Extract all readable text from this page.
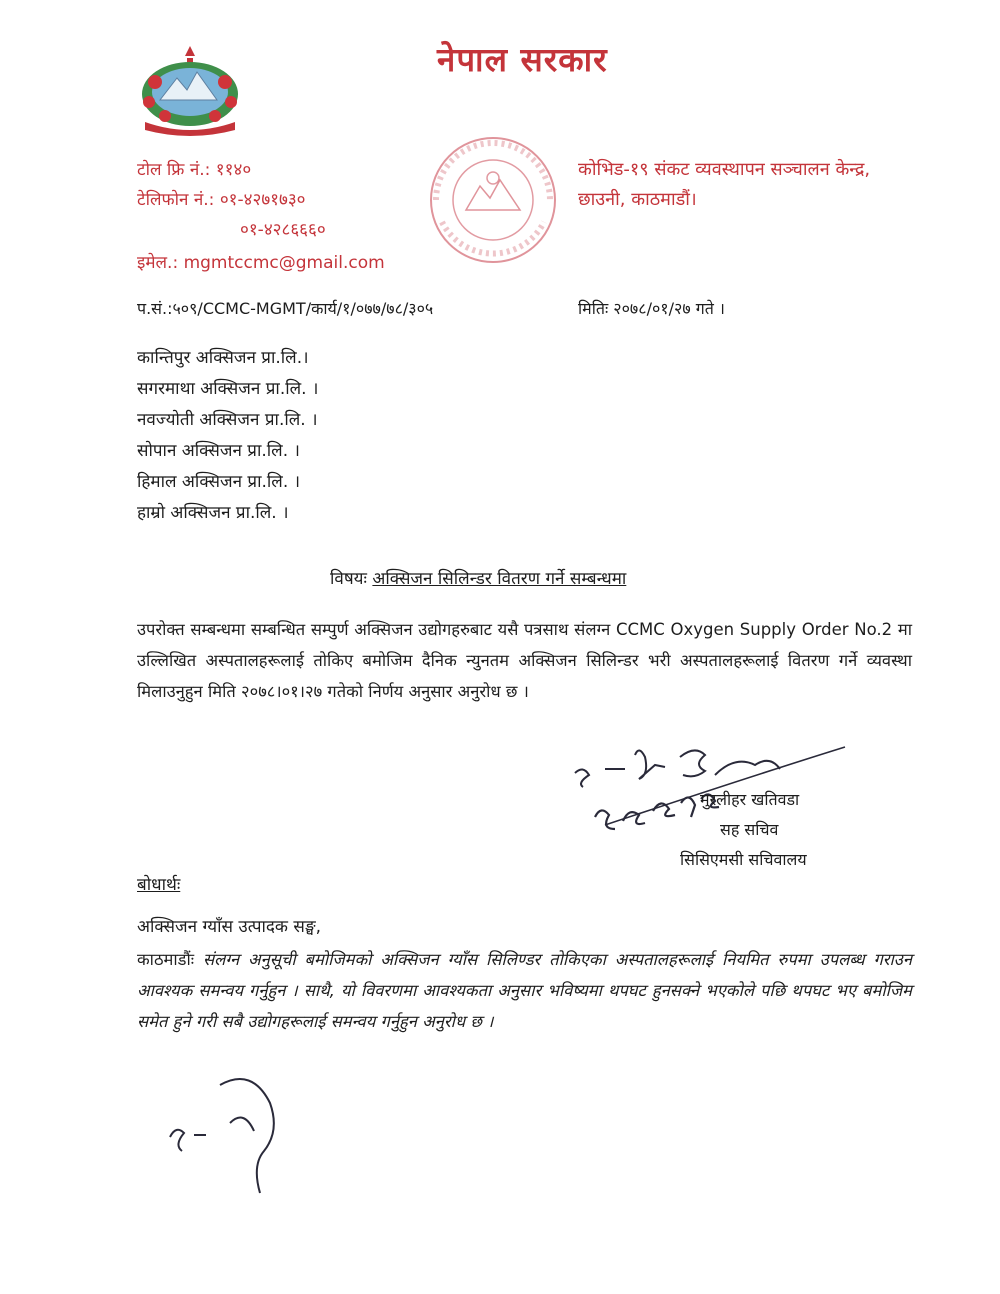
नेपाल सरकार
टोल फ्रि नं.: ११४०
टेलिफोन नं.: ०१-४२७१७३०
०१-४२८६६६०
इमेल.: mgmtccmc@gmail.com
कोभिड-१९ संकट व्यवस्थापन सञ्चालन केन्द्र,
छाउनी, काठमाडौं।
प.सं.:५०९/CCMC-MGMT/कार्य/१/०७७/७८/३०५	मितिः २०७८/०१/२७ गते ।
कान्तिपुर अक्सिजन प्रा.लि.।
सगरमाथा अक्सिजन प्रा.लि. ।
नवज्योती अक्सिजन प्रा.लि. ।
सोपान अक्सिजन प्रा.लि. ।
हिमाल अक्सिजन प्रा.लि. ।
हाम्रो अक्सिजन प्रा.लि. ।
विषयः अक्सिजन सिलिन्डर वितरण गर्ने सम्बन्धमा
उपरोक्त सम्बन्धमा सम्बन्धित सम्पुर्ण अक्सिजन उद्योगहरुबाट यसै पत्रसाथ संलग्न CCMC Oxygen Supply Order No.2 मा उल्लिखित अस्पतालहरूलाई तोकिए बमोजिम दैनिक न्युनतम अक्सिजन सिलिन्डर भरी अस्पतालहरूलाई वितरण गर्ने व्यवस्था मिलाउनुहुन मिति २०७८।०१।२७ गतेको निर्णय अनुसार अनुरोध छ ।
मुरलीहर खतिवडा
सह सचिव
सिसिएमसी सचिवालय
बोधार्थः
अक्सिजन ग्याँस उत्पादक सङ्घ,
काठमाडौंः संलग्न अनुसूची बमोजिमको अक्सिजन ग्याँस सिलिण्डर तोकिएका अस्पतालहरूलाई नियमित रुपमा उपलब्ध गराउन आवश्यक समन्वय गर्नुहुन । साथै, यो विवरणमा आवश्यकता अनुसार भविष्यमा थपघट हुनसक्ने भएकोले पछि थपघट भए बमोजिम समेत हुने गरी सबै उद्योगहरूलाई समन्वय गर्नुहुन अनुरोध छ ।
